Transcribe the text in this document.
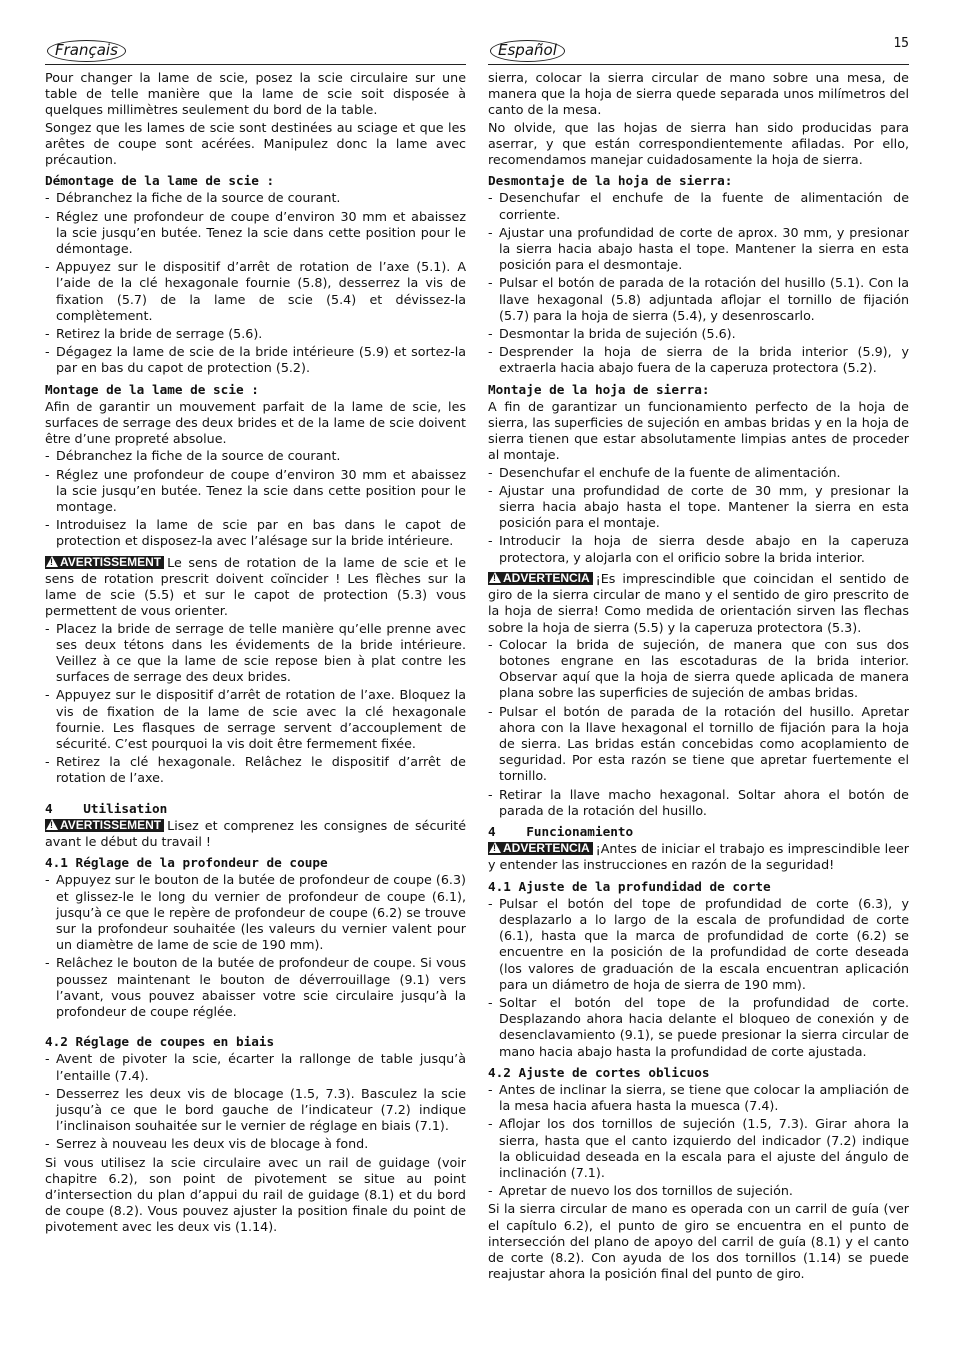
15
Français

Pour changer la lame de scie, posez la scie circulaire sur une table de telle manière que la lame de scie soit disposée à quelques millimètres seulement du bord de la table.

Songez que les lames de scie sont destinées au sciage et que les arêtes de coupe sont acérées. Manipulez donc la lame avec précaution.

Démontage de la lame de scie :
- Débranchez la fiche de la source de courant.
- Réglez une profondeur de coupe d’environ 30 mm et abaissez la scie jusqu’en butée. Tenez la scie dans cette position pour le démontage.
- Appuyez sur le dispositif d’arrêt de rotation de l’axe (5.1). A l’aide de la clé hexagonale fournie (5.8), desserrez la vis de fixation (5.7) de la lame de scie (5.4) et dévissez-la complètement.
- Retirez la bride de serrage (5.6).
- Dégagez la lame de scie de la bride intérieure (5.9) et sortez-la par en bas du capot de protection (5.2).
Montage de la lame de scie :

Afin de garantir un mouvement parfait de la lame de scie, les surfaces de serrage des deux brides et de la lame de scie doivent être d’une propreté absolue.

- Débranchez la fiche de la source de courant.
- Réglez une profondeur de coupe d’environ 30 mm et abaissez la scie jusqu’en butée. Tenez la scie dans cette position pour le montage.
- Introduisez la lame de scie par en bas dans le capot de protection et disposez-la avec l’alésage sur la bride intérieure.

!AVERTISSEMENT Le sens de rotation de la lame de scie et le sens de rotation prescrit doivent coïncider ! Les flèches sur la lame de scie (5.5) et sur le capot de protection (5.3) vous permettent de vous orienter.

- Placez la bride de serrage de telle manière qu’elle prenne avec ses deux tétons dans les évidements de la bride intérieure. Veillez à ce que la lame de scie repose bien à plat contre les surfaces de serrage des deux brides.
- Appuyez sur le dispositif d’arrêt de rotation de l’axe. Bloquez la vis de fixation de la lame de scie avec la clé hexagonale fournie. Les flasques de serrage servent d’accouplement de sécurité. C’est pourquoi la vis doit être fermement fixée.
- Retirez la clé hexagonale. Relâchez le dispositif d’arrêt de rotation de l’axe.
4    Utilisation

!AVERTISSEMENT Lisez et comprenez les consignes de sécurité avant le début du travail !

4.1 Réglage de la profondeur de coupe
- Appuyez sur le bouton de la butée de profondeur de coupe (6.3) et glissez-le le long du vernier de profondeur de coupe (6.1), jusqu’à ce que le repère de profondeur de coupe (6.2) se trouve sur la profondeur souhaitée (les valeurs du vernier valent pour un diamètre de lame de scie de 190 mm).
- Relâchez le bouton de la butée de profondeur de coupe. Si vous poussez maintenant le bouton de déverrouillage (9.1) vers l’avant, vous pouvez abaisser votre scie circulaire jusqu’à la profondeur de coupe réglée.
4.2 Réglage de coupes en biais
- Avent de pivoter la scie, écarter la rallonge de table jusqu’à l’entaille (7.4).
- Desserrez les deux vis de blocage (1.5, 7.3). Basculez la scie jusqu’à ce que le bord gauche de l’indicateur (7.2) indique l’inclinaison souhaitée sur le vernier de réglage en biais (7.1).
- Serrez à nouveau les deux vis de blocage à fond.

Si vous utilisez la scie circulaire avec un rail de guidage (voir chapitre 6.2), son point de pivotement se situe au point d’intersection du plan d’appui du rail de guidage (8.1) et du bord de coupe (8.2). Vous pouvez ajuster la position finale du point de pivotement avec les deux vis (1.14).

Español

sierra, colocar la sierra circular de mano sobre una mesa, de manera que la hoja de sierra quede separada unos milímetros del canto de la mesa.

No olvide, que las hojas de sierra han sido producidas para aserrar, y que están correspondientemente afiladas. Por ello, recomendamos manejar cuidadosamente la hoja de sierra.

Desmontaje de la hoja de sierra:
- Desenchufar el enchufe de la fuente de alimentación de corriente.
- Ajustar una profundidad de corte de aprox. 30 mm, y presionar la sierra hacia abajo hasta el tope. Mantener la sierra en esta posición para el desmontaje.
- Pulsar el botón de parada de la rotación del husillo (5.1). Con la llave hexagonal (5.8) adjuntada aflojar el tornillo de fijación (5.7) para la hoja de sierra (5.4), y desenroscarlo.
- Desmontar la brida de sujeción (5.6).
- Desprender la hoja de sierra de la brida interior (5.9), y extraerla hacia abajo fuera de la caperuza protectora (5.2).
Montaje de la hoja de sierra:

A fin de garantizar un funcionamiento perfecto de la hoja de sierra, las superficies de sujeción en ambas bridas y en la hoja de sierra tienen que estar absolutamente limpias antes de proceder al montaje.

- Desenchufar el enchufe de la fuente de alimentación.
- Ajustar una profundidad de corte de 30 mm, y presionar la sierra hacia abajo hasta el tope. Mantener la sierra en esta posición para el montaje.
- Introducir la hoja de sierra desde abajo en la caperuza protectora, y alojarla con el orificio sobre la brida interior.

!ADVERTENCIA ¡Es imprescindible que coincidan el sentido de giro de la sierra circular de mano y el sentido de giro prescrito de la hoja de sierra! Como medida de orientación sirven las flechas sobre la hoja de sierra (5.5) y la caperuza protectora (5.3).

- Colocar la brida de sujeción, de manera que con sus dos botones engrane en las escotaduras de la brida interior. Observar aquí que la hoja de sierra quede aplicada de manera plana sobre las superficies de sujeción de ambas bridas.
- Pulsar el botón de parada de la rotación del husillo. Apretar ahora con la llave hexagonal el tornillo de fijación para la hoja de sierra. Las bridas están concebidas como acoplamiento de seguridad. Por esta razón se tiene que apretar fuertemente el tornillo.
- Retirar la llave macho hexagonal. Soltar ahora el botón de parada de la rotación del husillo.
4    Funcionamiento

!ADVERTENCIA ¡Antes de iniciar el trabajo es imprescindible leer y entender las instrucciones en razón de la seguridad!

4.1 Ajuste de la profundidad de corte
- Pulsar el botón del tope de profundidad de corte (6.3), y desplazarlo a lo largo de la escala de profundidad de corte (6.1), hasta que la marca de profundidad de corte (6.2) se encuentre en la posición de la profundidad de corte deseada (los valores de graduación de la escala encuentran aplicación para un diámetro de hoja de sierra de 190 mm).
- Soltar el botón del tope de la profundidad de corte. Desplazando ahora hacia delante el bloqueo de conexión y de desenclavamiento (9.1), se puede presionar la sierra circular de mano hacia abajo hasta la profundidad de corte ajustada.
4.2 Ajuste de cortes oblicuos
- Antes de inclinar la sierra, se tiene que colocar la ampliación de la mesa hacia afuera hasta la muesca (7.4).
- Aflojar los dos tornillos de sujeción (1.5, 7.3). Girar ahora la sierra, hasta que el canto izquierdo del indicador (7.2) indique la oblicuidad deseada en la escala para el ajuste del ángulo de inclinación (7.1).
- Apretar de nuevo los dos tornillos de sujeción.

Si la sierra circular de mano es operada con un carril de guía (ver el capítulo 6.2), el punto de giro se encuentra en el punto de intersección del plano de apoyo del carril de guía (8.1) y el canto de corte (8.2). Con ayuda de los dos tornillos (1.14) se puede reajustar ahora la posición final del punto de giro.
